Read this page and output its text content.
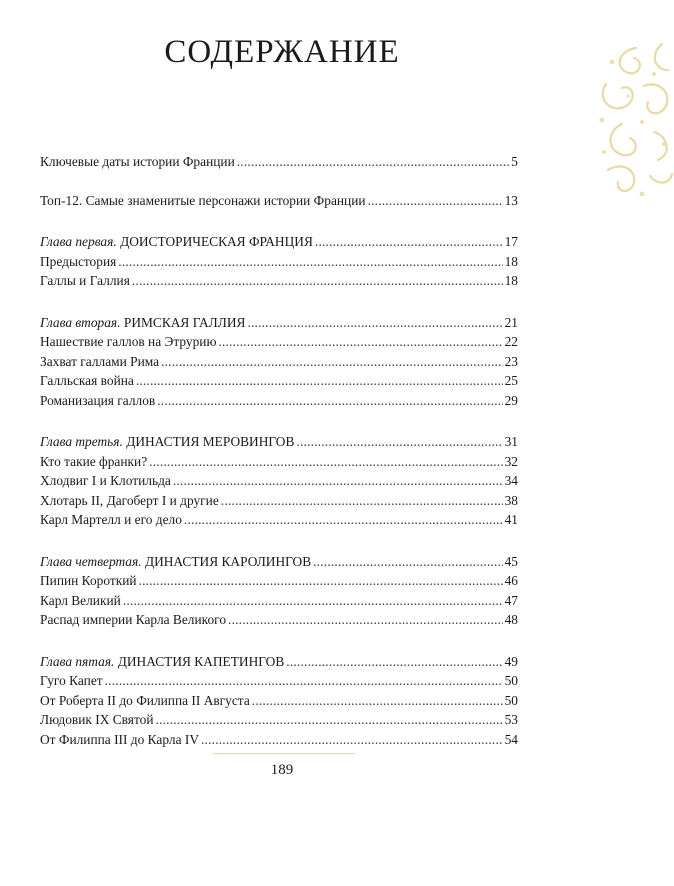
СОДЕРЖАНИЕ
Ключевые даты истории Франции .....	5
Топ-12. Самые знаменитые персонажи истории Франции .....	13
Глава первая. ДОИСТОРИЧЕСКАЯ ФРАНЦИЯ .....	17
Предыстория .....	18
Галлы и Галлия .....	18
Глава вторая. РИМСКАЯ ГАЛЛИЯ .....	21
Нашествие галлов на Этрурию .....	22
Захват галлами Рима .....	23
Галльская война .....	25
Романизация галлов .....	29
Глава третья. ДИНАСТИЯ МЕРОВИНГОВ .....	31
Кто такие франки? .....	32
Хлодвиг I и Клотильда .....	34
Хлотарь II, Дагоберт I и другие .....	38
Карл Мартелл и его дело .....	41
Глава четвертая. ДИНАСТИЯ КАРОЛИНГОВ .....	45
Пипин Короткий .....	46
Карл Великий .....	47
Распад империи Карла Великого .....	48
Глава пятая. ДИНАСТИЯ КАПЕТИНГОВ .....	49
Гуго Капет .....	50
От Роберта II до Филиппа II Августа .....	50
Людовик IX Святой .....	53
От Филиппа III до Карла IV .....	54
189
